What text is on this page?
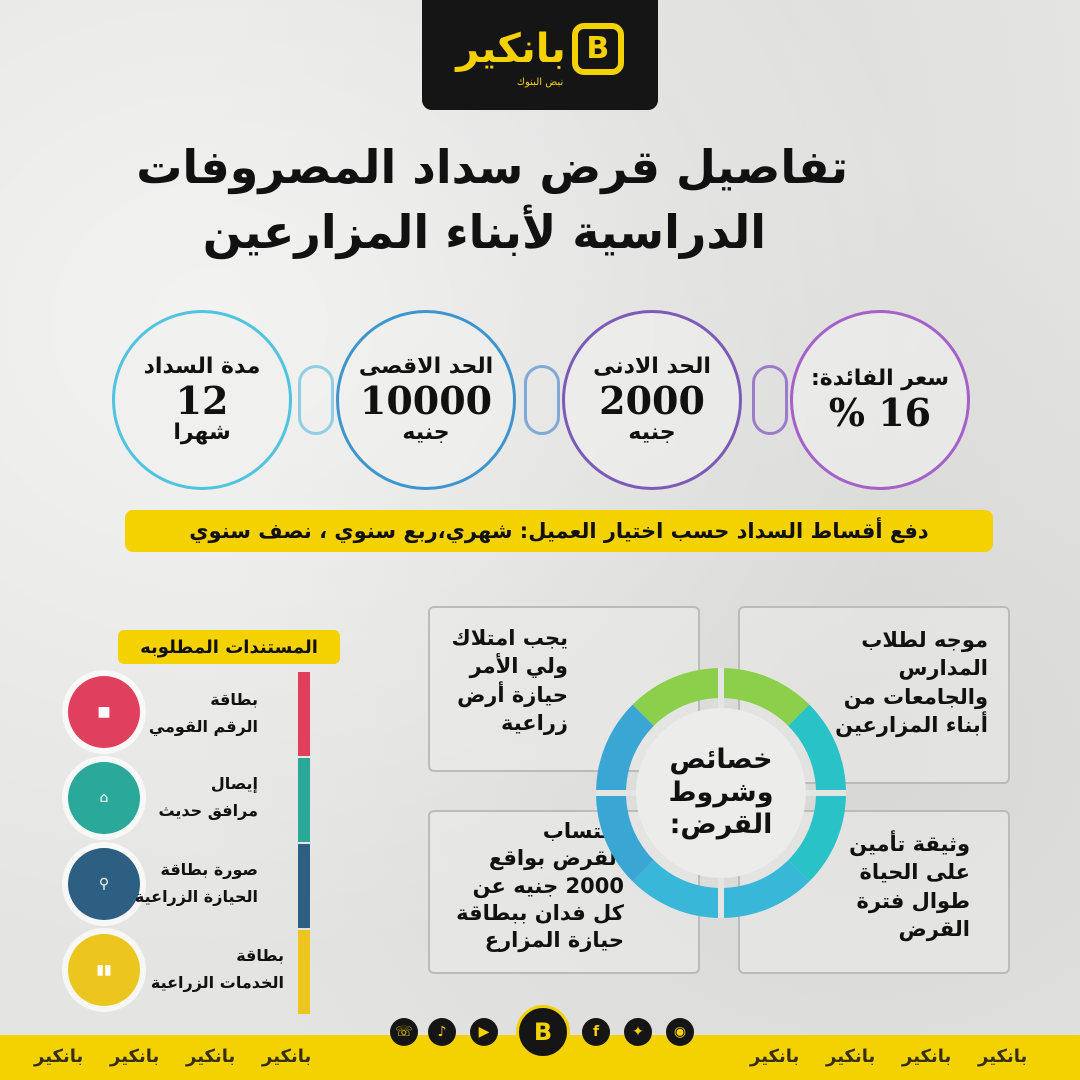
بانكير B
نبض البنوك
تفاصيل قرض سداد المصروفات
الدراسية لأبناء المزارعين
سعر الفائدة:
16 %
الحد الادنى
2000
جنيه
الحد الاقصى
10000
جنيه
مدة السداد
12
شهرا
دفع أقساط السداد حسب اختيار العميل: شهري،ربع سنوي ، نصف سنوي
موجه لطلاب
المدارس
والجامعات من
أبناء المزارعين
يجب امتلاك
ولي الأمر
حيازة أرض
زراعية
وثيقة تأمين
على الحياة
طوال فترة
القرض
احتساب
القرض بواقع
2000 جنيه عن
كل فدان ببطاقة
حيازة المزارع
خصائص وشروط القرض:
المستندات المطلوبه
■
⌂
⚲
▮▮
بطاقة
الرقم القومي
إيصال
مرافق حديث
صورة بطاقة
الحيازة الزراعية
بطاقة
الخدمات الزراعية
☏	♪	▶	B	f	✦	◉
بانكير بانكير بانكير بانكير	بانكير بانكير بانكير بانكير
